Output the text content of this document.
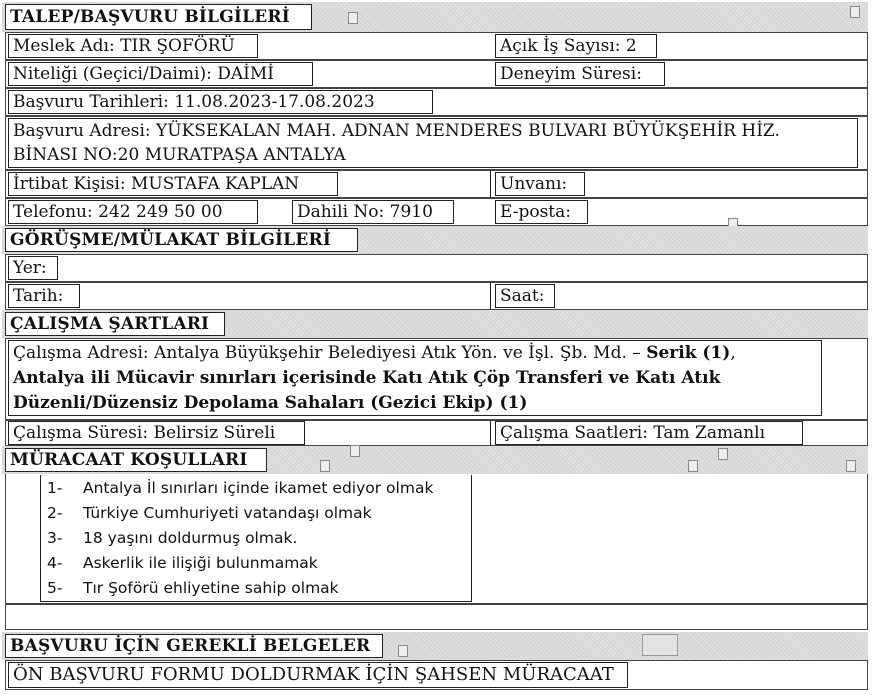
TALEP/BAŞVURU BİLGİLERİ
Meslek Adı: TIR ŞOFÖRÜ	Açık İş Sayısı: 2
Niteliği (Geçici/Daimi): DAİMİ	Deneyim Süresi:
Başvuru Tarihleri: 11.08.2023-17.08.2023
Başvuru Adresi: YÜKSEKALAN MAH. ADNAN MENDERES BULVARI BÜYÜKŞEHİR HİZ.
BİNASI NO:20 MURATPAŞA ANTALYA
İrtibat Kişisi: MUSTAFA KAPLAN	Unvanı:
Telefonu: 242 249 50 00	Dahili No: 7910	E-posta:
GÖRÜŞME/MÜLAKAT BİLGİLERİ
Yer:
Tarih:	Saat:
ÇALIŞMA ŞARTLARI
Çalışma Adresi: Antalya Büyükşehir Belediyesi Atık Yön. ve İşl. Şb. Md. – Serik (1),
Antalya ili Mücavir sınırları içerisinde Katı Atık Çöp Transferi ve Katı Atık
Düzenli/Düzensiz Depolama Sahaları (Gezici Ekip) (1)
Çalışma Süresi: Belirsiz Süreli	Çalışma Saatleri: Tam Zamanlı
MÜRACAAT KOŞULLARI
1- Antalya İl sınırları içinde ikamet ediyor olmak
2- Türkiye Cumhuriyeti vatandaşı olmak
3- 18 yaşını doldurmuş olmak.
4- Askerlik ile ilişiği bulunmamak
5- Tır Şoförü ehliyetine sahip olmak
BAŞVURU İÇİN GEREKLİ BELGELER
ÖN BAŞVURU FORMU DOLDURMAK İÇİN ŞAHSEN MÜRACAAT
